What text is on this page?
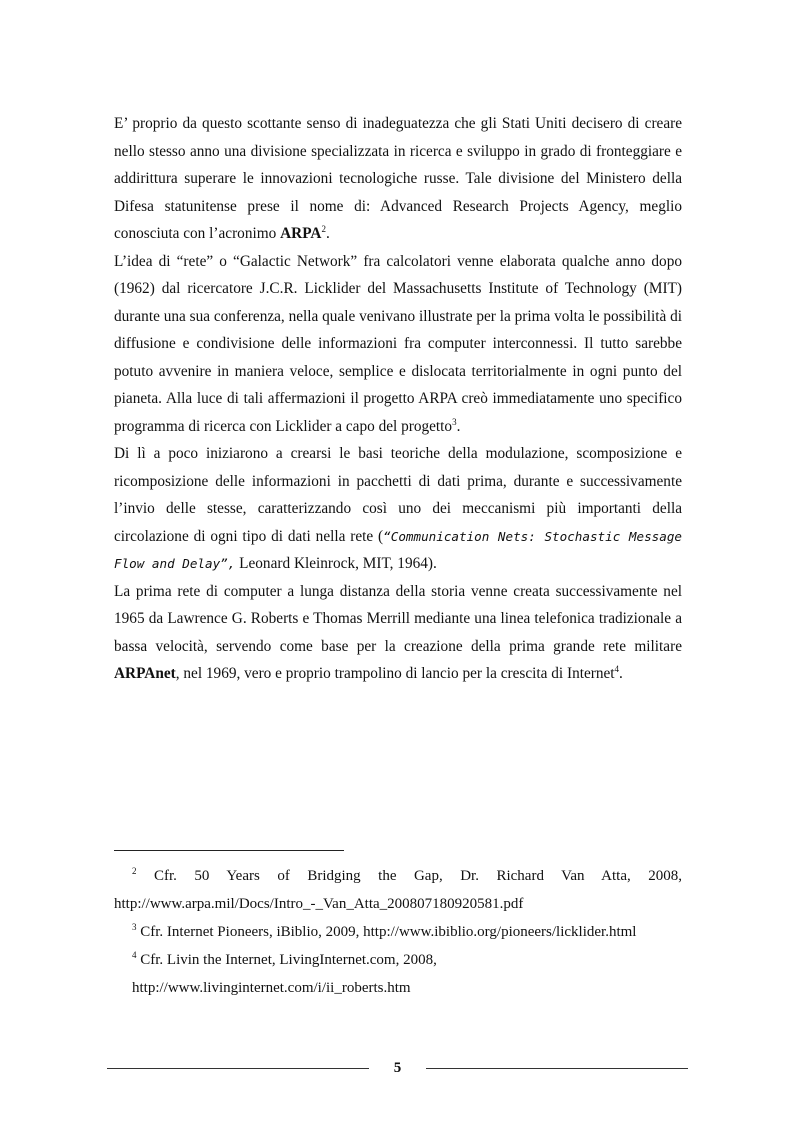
E’ proprio da questo scottante senso di inadeguatezza che gli Stati Uniti decisero di creare nello stesso anno una divisione specializzata in ricerca e sviluppo in grado di fronteggiare e addirittura superare le innovazioni tecnologiche russe. Tale divisione del Ministero della Difesa statunitense prese il nome di: Advanced Research Projects Agency, meglio conosciuta con l’acronimo ARPA$^2$.

L’idea di “rete” o “Galactic Network” fra calcolatori venne elaborata qualche anno dopo (1962) dal ricercatore J.C.R. Licklider del Massachusetts Institute of Technology (MIT) durante una sua conferenza, nella quale venivano illustrate per la prima volta le possibilità di diffusione e condivisione delle informazioni fra computer interconnessi. Il tutto sarebbe potuto avvenire in maniera veloce, semplice e dislocata territorialmente in ogni punto del pianeta. Alla luce di tali affermazioni il progetto ARPA creò immediatamente uno specifico programma di ricerca con Licklider a capo del progetto$^3$.

Di lì a poco iniziarono a crearsi le basi teoriche della modulazione, scomposizione e ricomposizione delle informazioni in pacchetti di dati prima, durante e successivamente l’invio delle stesse, caratterizzando così uno dei meccanismi più importanti della circolazione di ogni tipo di dati nella rete (“Communication Nets: Stochastic Message Flow and Delay”, Leonard Kleinrock, MIT, 1964).

La prima rete di computer a lunga distanza della storia venne creata successivamente nel 1965 da Lawrence G. Roberts e Thomas Merrill mediante una linea telefonica tradizionale a bassa velocità, servendo come base per la creazione della prima grande rete militare ARPAnet, nel 1969, vero e proprio trampolino di lancio per la crescita di Internet$^4$.

$^2$ Cfr. 50 Years of Bridging the Gap, Dr. Richard Van Atta, 2008, http://www.arpa.mil/Docs/Intro_-_Van_Atta_200807180920581.pdf

$^3$ Cfr. Internet Pioneers, iBiblio, 2009, http://www.ibiblio.org/pioneers/licklider.html

$^4$ Cfr. Livin the Internet, LivingInternet.com, 2008,

http://www.livinginternet.com/i/ii_roberts.htm

5
